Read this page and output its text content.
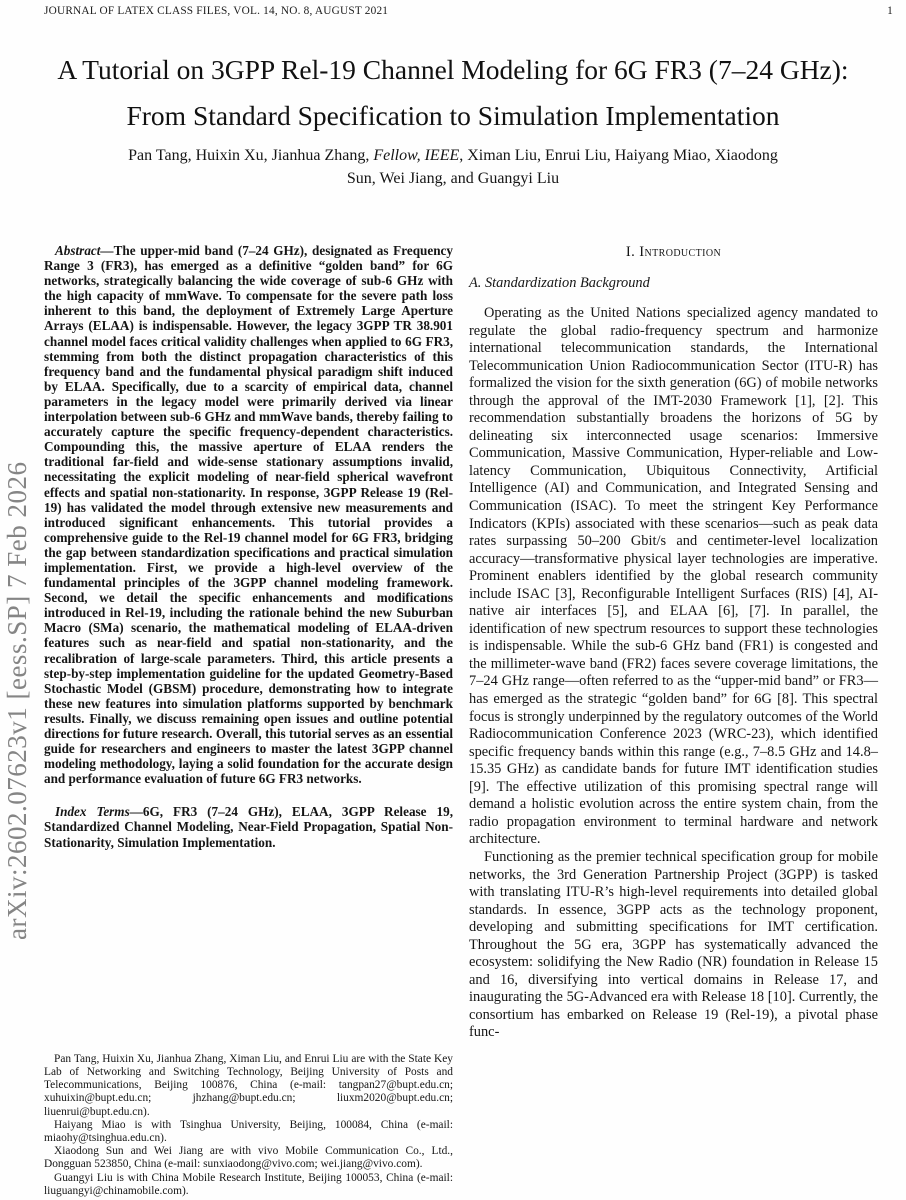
JOURNAL OF LATEX CLASS FILES, VOL. 14, NO. 8, AUGUST 2021	1
arXiv:2602.07623v1 [eess.SP] 7 Feb 2026
A Tutorial on 3GPP Rel-19 Channel Modeling for 6G FR3 (7–24 GHz): From Standard Specification to Simulation Implementation
Pan Tang, Huixin Xu, Jianhua Zhang, Fellow, IEEE, Ximan Liu, Enrui Liu, Haiyang Miao, Xiaodong Sun, Wei Jiang, and Guangyi Liu

Abstract—The upper-mid band (7–24 GHz), designated as Frequency Range 3 (FR3), has emerged as a definitive “golden band” for 6G networks, strategically balancing the wide coverage of sub-6 GHz with the high capacity of mmWave. To compensate for the severe path loss inherent to this band, the deployment of Extremely Large Aperture Arrays (ELAA) is indispensable. However, the legacy 3GPP TR 38.901 channel model faces critical validity challenges when applied to 6G FR3, stemming from both the distinct propagation characteristics of this frequency band and the fundamental physical paradigm shift induced by ELAA. Specifically, due to a scarcity of empirical data, channel parameters in the legacy model were primarily derived via linear interpolation between sub-6 GHz and mmWave bands, thereby failing to accurately capture the specific frequency-dependent characteristics. Compounding this, the massive aperture of ELAA renders the traditional far-field and wide-sense stationary assumptions invalid, necessitating the explicit modeling of near-field spherical wavefront effects and spatial non-stationarity. In response, 3GPP Release 19 (Rel-19) has validated the model through extensive new measurements and introduced significant enhancements. This tutorial provides a comprehensive guide to the Rel-19 channel model for 6G FR3, bridging the gap between standardization specifications and practical simulation implementation. First, we provide a high-level overview of the fundamental principles of the 3GPP channel modeling framework. Second, we detail the specific enhancements and modifications introduced in Rel-19, including the rationale behind the new Suburban Macro (SMa) scenario, the mathematical modeling of ELAA-driven features such as near-field and spatial non-stationarity, and the recalibration of large-scale parameters. Third, this article presents a step-by-step implementation guideline for the updated Geometry-Based Stochastic Model (GBSM) procedure, demonstrating how to integrate these new features into simulation platforms supported by benchmark results. Finally, we discuss remaining open issues and outline potential directions for future research. Overall, this tutorial serves as an essential guide for researchers and engineers to master the latest 3GPP channel modeling methodology, laying a solid foundation for the accurate design and performance evaluation of future 6G FR3 networks.

Index Terms—6G, FR3 (7–24 GHz), ELAA, 3GPP Release 19, Standardized Channel Modeling, Near-Field Propagation, Spatial Non-Stationarity, Simulation Implementation.

Pan Tang, Huixin Xu, Jianhua Zhang, Ximan Liu, and Enrui Liu are with the State Key Lab of Networking and Switching Technology, Beijing University of Posts and Telecommunications, Beijing 100876, China (e-mail: tangpan27@bupt.edu.cn; xuhuixin@bupt.edu.cn; jhzhang@bupt.edu.cn; liuxm2020@bupt.edu.cn; liuenrui@bupt.edu.cn).

Haiyang Miao is with Tsinghua University, Beijing, 100084, China (e-mail: miaohy@tsinghua.edu.cn).

Xiaodong Sun and Wei Jiang are with vivo Mobile Communication Co., Ltd., Dongguan 523850, China (e-mail: sunxiaodong@vivo.com; wei.jiang@vivo.com).

Guangyi Liu is with China Mobile Research Institute, Beijing 100053, China (e-mail: liuguangyi@chinamobile.com).

I. Introduction
A. Standardization Background

Operating as the United Nations specialized agency mandated to regulate the global radio-frequency spectrum and harmonize international telecommunication standards, the International Telecommunication Union Radiocommunication Sector (ITU-R) has formalized the vision for the sixth generation (6G) of mobile networks through the approval of the IMT-2030 Framework [1], [2]. This recommendation substantially broadens the horizons of 5G by delineating six interconnected usage scenarios: Immersive Communication, Massive Communication, Hyper-reliable and Low-latency Communication, Ubiquitous Connectivity, Artificial Intelligence (AI) and Communication, and Integrated Sensing and Communication (ISAC). To meet the stringent Key Performance Indicators (KPIs) associated with these scenarios—such as peak data rates surpassing 50–200 Gbit/s and centimeter-level localization accuracy—transformative physical layer technologies are imperative. Prominent enablers identified by the global research community include ISAC [3], Reconfigurable Intelligent Surfaces (RIS) [4], AI-native air interfaces [5], and ELAA [6], [7]. In parallel, the identification of new spectrum resources to support these technologies is indispensable. While the sub-6 GHz band (FR1) is congested and the millimeter-wave band (FR2) faces severe coverage limitations, the 7–24 GHz range—often referred to as the “upper-mid band” or FR3—has emerged as the strategic “golden band” for 6G [8]. This spectral focus is strongly underpinned by the regulatory outcomes of the World Radiocommunication Conference 2023 (WRC-23), which identified specific frequency bands within this range (e.g., 7–8.5 GHz and 14.8–15.35 GHz) as candidate bands for future IMT identification studies [9]. The effective utilization of this promising spectral range will demand a holistic evolution across the entire system chain, from the radio propagation environment to terminal hardware and network architecture.

Functioning as the premier technical specification group for mobile networks, the 3rd Generation Partnership Project (3GPP) is tasked with translating ITU-R’s high-level requirements into detailed global standards. In essence, 3GPP acts as the technology proponent, developing and submitting specifications for IMT certification. Throughout the 5G era, 3GPP has systematically advanced the ecosystem: solidifying the New Radio (NR) foundation in Release 15 and 16, diversifying into vertical domains in Release 17, and inaugurating the 5G-Advanced era with Release 18 [10]. Currently, the consortium has embarked on Release 19 (Rel-19), a pivotal phase func-
